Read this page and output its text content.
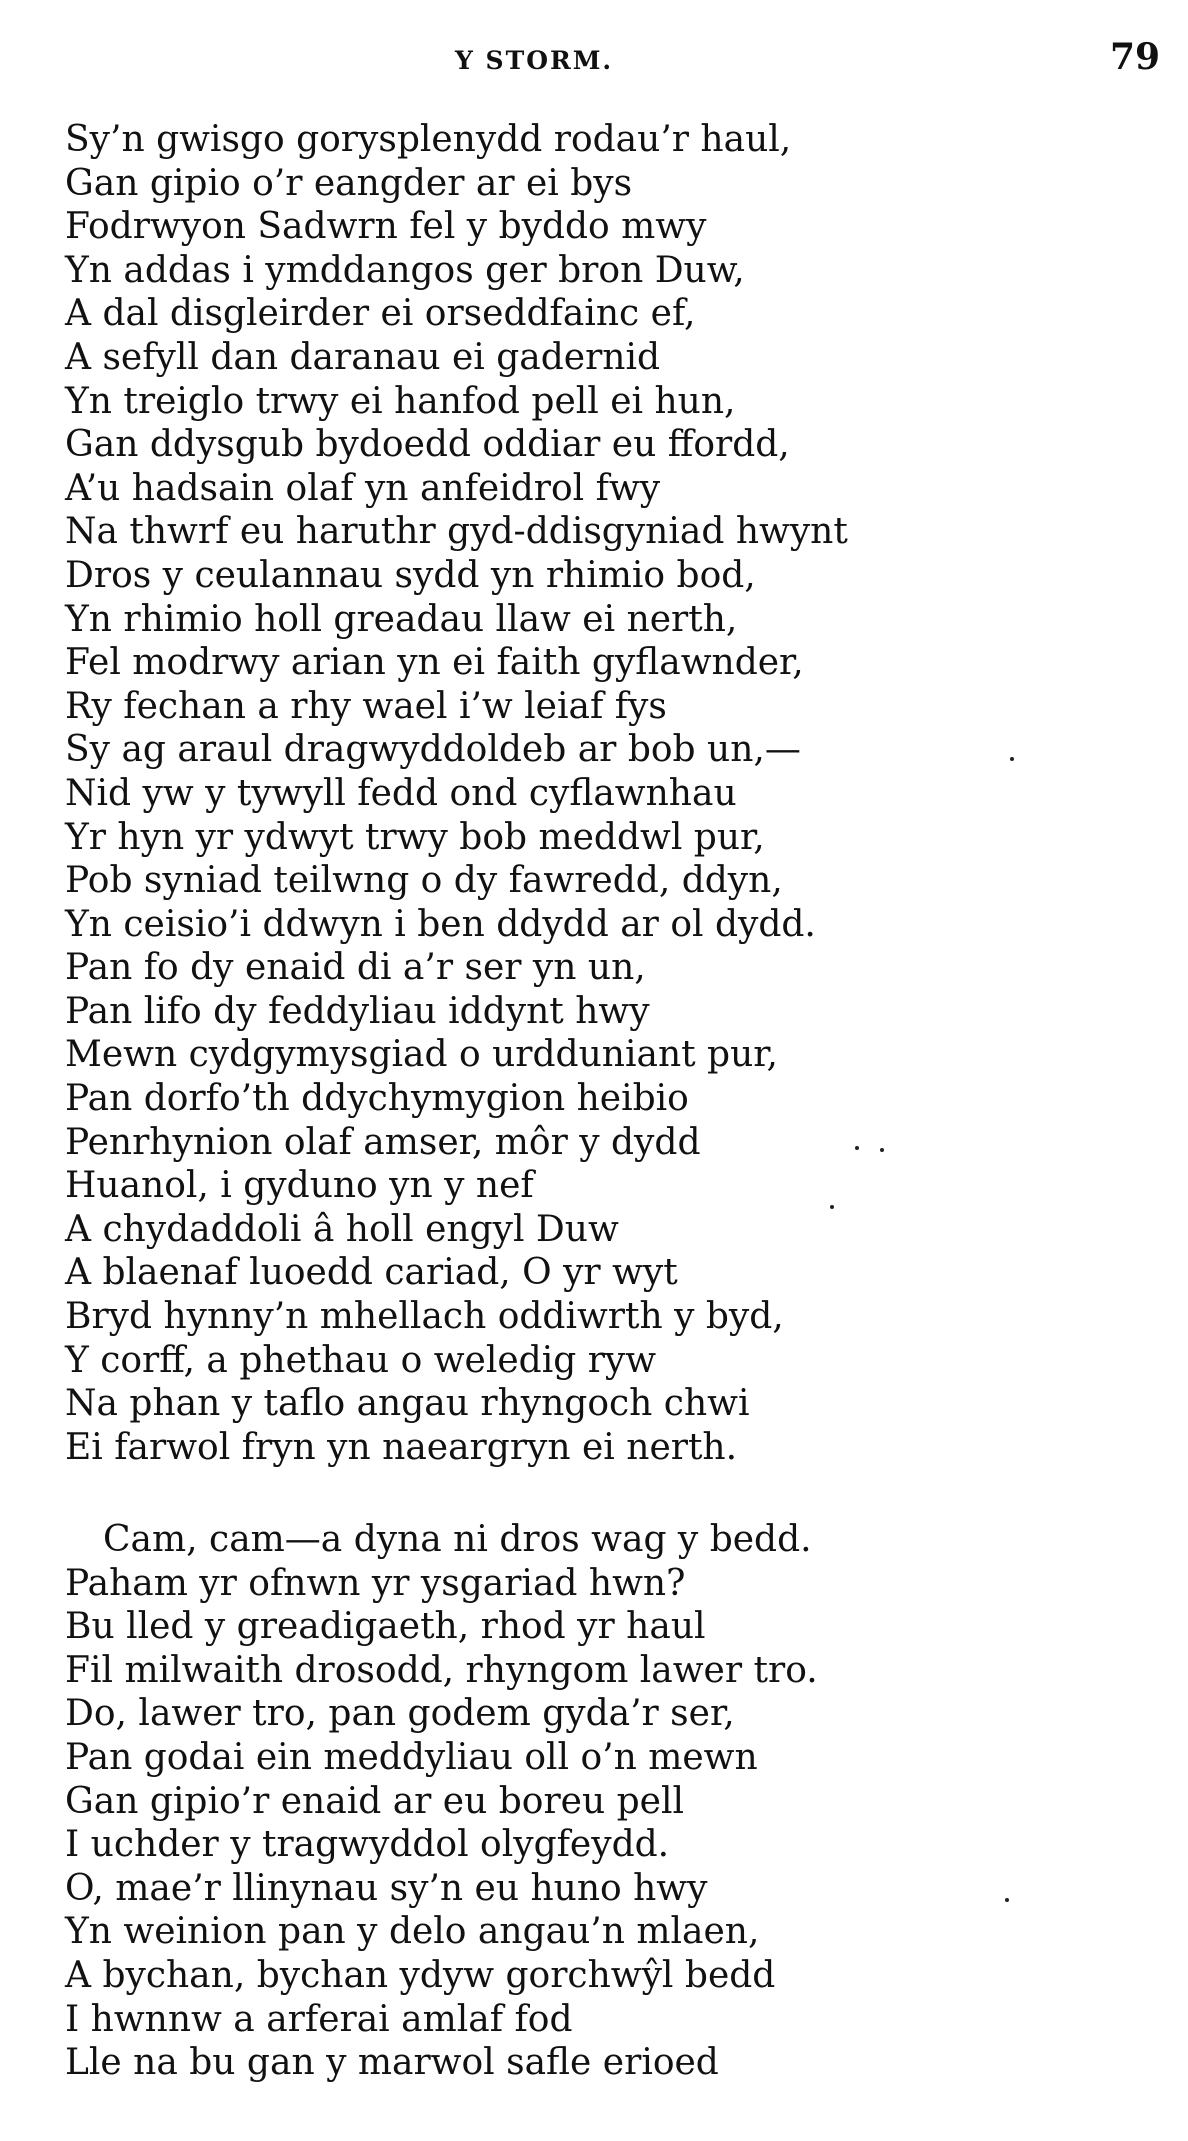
Y STORM.	79
Sy’n gwisgo gorysplenydd rodau’r haul,
Gan gipio o’r eangder ar ei bys
Fodrwyon Sadwrn fel y byddo mwy
Yn addas i ymddangos ger bron Duw,
A dal disgleirder ei orseddfainc ef,
A sefyll dan daranau ei gadernid
Yn treiglo trwy ei hanfod pell ei hun,
Gan ddysgub bydoedd oddiar eu ffordd,
A’u hadsain olaf yn anfeidrol fwy
Na thwrf eu haruthr gyd-ddisgyniad hwynt
Dros y ceulannau sydd yn rhimio bod,
Yn rhimio holl greadau llaw ei nerth,
Fel modrwy arian yn ei faith gyflawnder,
Ry fechan a rhy wael i’w leiaf fys
Sy ag araul dragwyddoldeb ar bob un,—
Nid yw y tywyll fedd ond cyflawnhau
Yr hyn yr ydwyt trwy bob meddwl pur,
Pob syniad teilwng o dy fawredd, ddyn,
Yn ceisio’i ddwyn i ben ddydd ar ol dydd.
Pan fo dy enaid di a’r ser yn un,
Pan lifo dy feddyliau iddynt hwy
Mewn cydgymysgiad o urdduniant pur,
Pan dorfo’th ddychymygion heibio
Penrhynion olaf amser, môr y dydd
Huanol, i gyduno yn y nef
A chydaddoli â holl engyl Duw
A blaenaf luoedd cariad, O yr wyt
Bryd hynny’n mhellach oddiwrth y byd,
Y corff, a phethau o weledig ryw
Na phan y taflo angau rhyngoch chwi
Ei farwol fryn yn naeargryn ei nerth.
Cam, cam—a dyna ni dros wag y bedd.
Paham yr ofnwn yr ysgariad hwn?
Bu lled y greadigaeth, rhod yr haul
Fil milwaith drosodd, rhyngom lawer tro.
Do, lawer tro, pan godem gyda’r ser,
Pan godai ein meddyliau oll o’n mewn
Gan gipio’r enaid ar eu boreu pell
I uchder y tragwyddol olygfeydd.
O, mae’r llinynau sy’n eu huno hwy
Yn weinion pan y delo angau’n mlaen,
A bychan, bychan ydyw gorchwŷl bedd
I hwnnw a arferai amlaf fod
Lle na bu gan y marwol safle erioed
